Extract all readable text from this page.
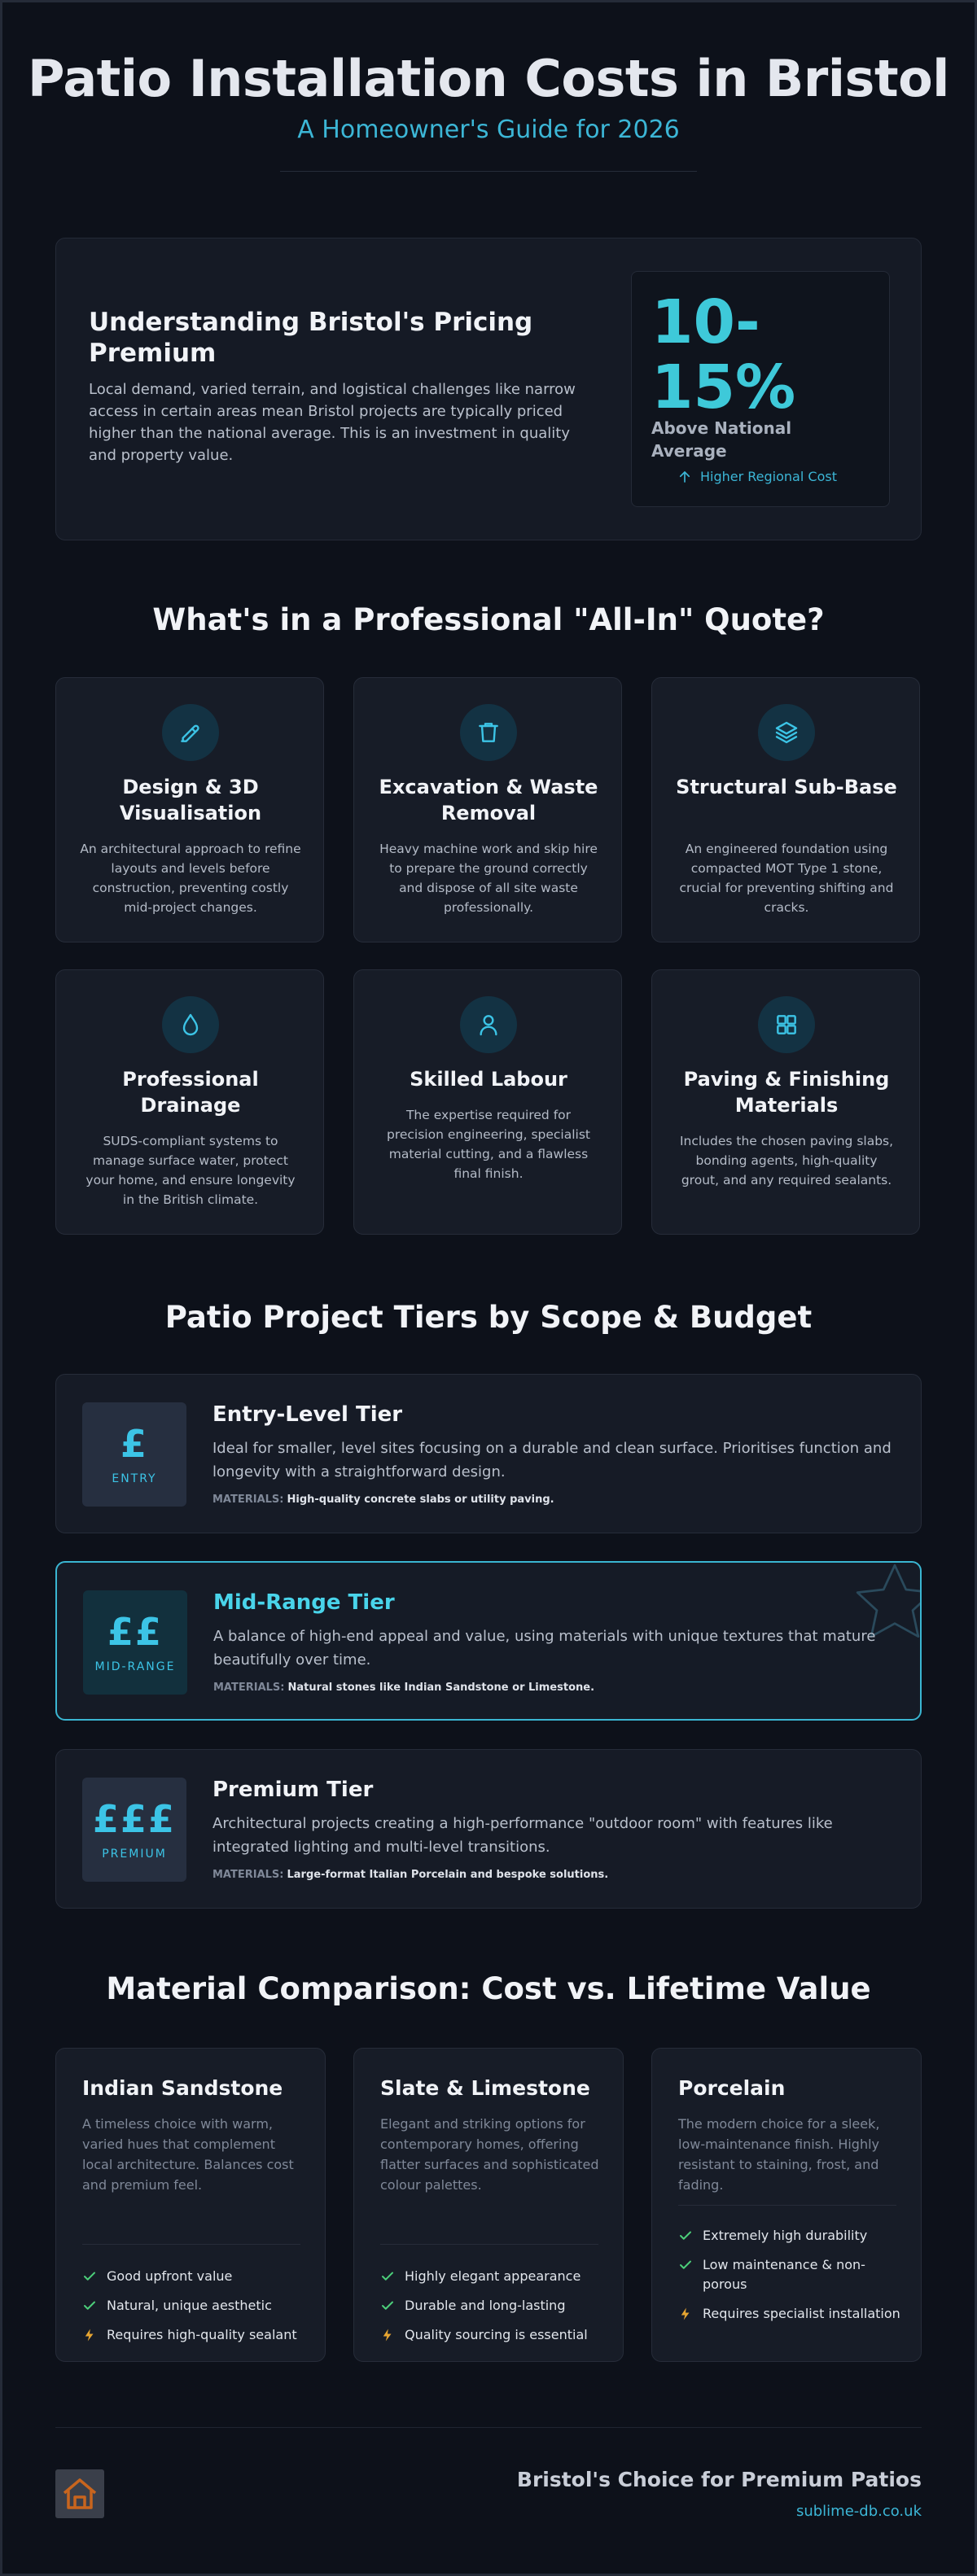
Patio Installation Costs in Bristol
A Homeowner's Guide for 2026
Understanding Bristol's Pricing Premium

Local demand, varied terrain, and logistical challenges like narrow access in certain areas mean Bristol projects are typically priced higher than the national average. This is an investment in quality and property value.

10-15%
Above National Average
Higher Regional Cost
What's in a Professional "All-In" Quote?
Design & 3D Visualisation
An architectural approach to refine layouts and levels before construction, preventing costly mid-project changes.
Excavation & Waste Removal
Heavy machine work and skip hire to prepare the ground correctly and dispose of all site waste professionally.
Structural Sub-Base
An engineered foundation using compacted MOT Type 1 stone, crucial for preventing shifting and cracks.
Professional Drainage
SUDS-compliant systems to manage surface water, protect your home, and ensure longevity in the British climate.
Skilled Labour
The expertise required for precision engineering, specialist material cutting, and a flawless final finish.
Paving & Finishing Materials
Includes the chosen paving slabs, bonding agents, high-quality grout, and any required sealants.
Patio Project Tiers by Scope & Budget
£
ENTRY
Entry-Level Tier
Ideal for smaller, level sites focusing on a durable and clean surface. Prioritises function and longevity with a straightforward design.
MATERIALS: High-quality concrete slabs or utility paving.
££
MID-RANGE
Mid-Range Tier
A balance of high-end appeal and value, using materials with unique textures that mature beautifully over time.
MATERIALS: Natural stones like Indian Sandstone or Limestone.
£££
PREMIUM
Premium Tier
Architectural projects creating a high-performance "outdoor room" with features like integrated lighting and multi-level transitions.
MATERIALS: Large-format Italian Porcelain and bespoke solutions.
Material Comparison: Cost vs. Lifetime Value
Indian Sandstone
A timeless choice with warm, varied hues that complement local architecture. Balances cost and premium feel.
Good upfront value
Natural, unique aesthetic
Requires high-quality sealant
Slate & Limestone
Elegant and striking options for contemporary homes, offering flatter surfaces and sophisticated colour palettes.
Highly elegant appearance
Durable and long-lasting
Quality sourcing is essential
Porcelain
The modern choice for a sleek, low-maintenance finish. Highly resistant to staining, frost, and fading.
Extremely high durability
Low maintenance & non-porous
Requires specialist installation
Bristol's Choice for Premium Patios
sublime-db.co.uk
